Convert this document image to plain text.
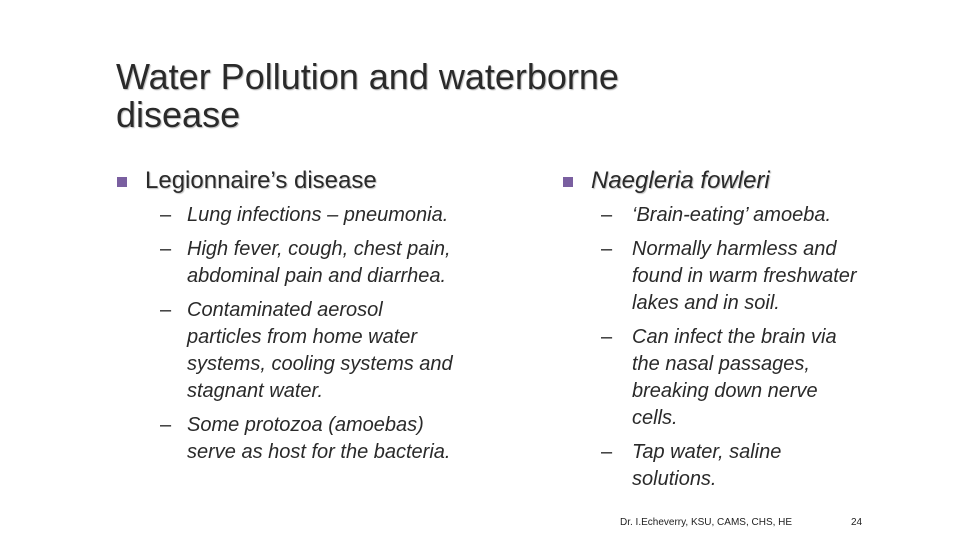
Water Pollution and waterborne
disease
Legionnaire’s disease
– Lung infections – pneumonia.
– High fever, cough, chest pain, abdominal pain and diarrhea.
– Contaminated aerosol particles from home water systems, cooling systems and stagnant water.
– Some protozoa (amoebas) serve as host for the bacteria.
Naegleria fowleri
– ‘Brain-eating’ amoeba.
– Normally harmless and found in warm freshwater lakes and in soil.
– Can infect the brain via the nasal passages, breaking down nerve cells.
– Tap water, saline solutions.
Dr. I.Echeverry, KSU, CAMS, CHS, HE	24
